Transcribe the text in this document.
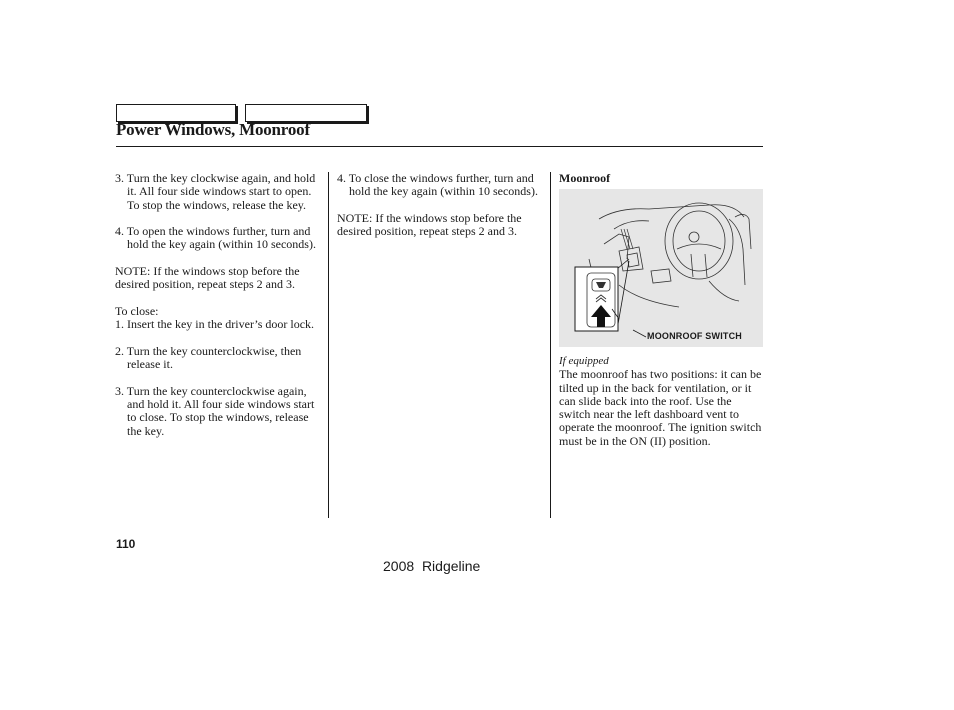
Power Windows, Moonroof

3. Turn the key clockwise again, and hold it. All four side windows start to open. To stop the windows, release the key.

4. To open the windows further, turn and hold the key again (within 10 seconds).

NOTE: If the windows stop before the desired position, repeat steps 2 and 3.

To close:

1. Insert the key in the driver’s door lock.

2. Turn the key counterclockwise, then release it.

3. Turn the key counterclockwise again, and hold it. All four side windows start to close. To stop the windows, release the key.

4. To close the windows further, turn and hold the key again (within 10 seconds).

NOTE: If the windows stop before the desired position, repeat steps 2 and 3.

Moonroof
MOONROOF SWITCH

If equipped

The moonroof has two positions: it can be tilted up in the back for ventilation, or it can slide back into the roof. Use the switch near the left dashboard vent to operate the moonroof. The ignition switch must be in the ON (II) position.

110
2008 Ridgeline
